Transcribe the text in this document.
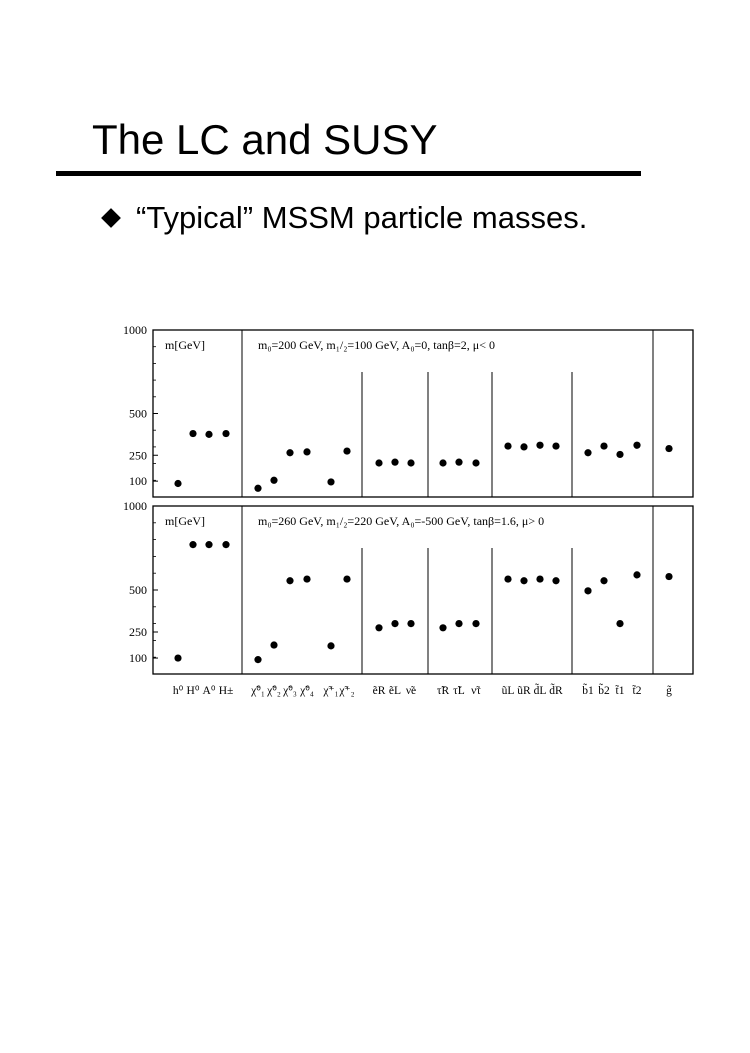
The LC and SUSY
“Typical” MSSM particle masses.
100
250
500
1000
m[GeV]	m₀=200 GeV, m₁/₂=100 GeV, A₀=0, tanβ=2, μ< 0
100
250
500
1000
m[GeV]	m₀=260 GeV, m₁/₂=220 GeV, A₀=-500 GeV, tanβ=1.6, μ> 0
h⁰ H⁰ A⁰ H± χ̃⁰₁ χ̃⁰₂ χ̃⁰₃ χ̃⁰₄ χ̃⁺₁ χ̃⁺₂ ẽR ẽL ν̃e τ̃R τ̃L ν̃τ ũL ũR d̃L d̃R b̃1 b̃2 t̃1 t̃2 g̃
